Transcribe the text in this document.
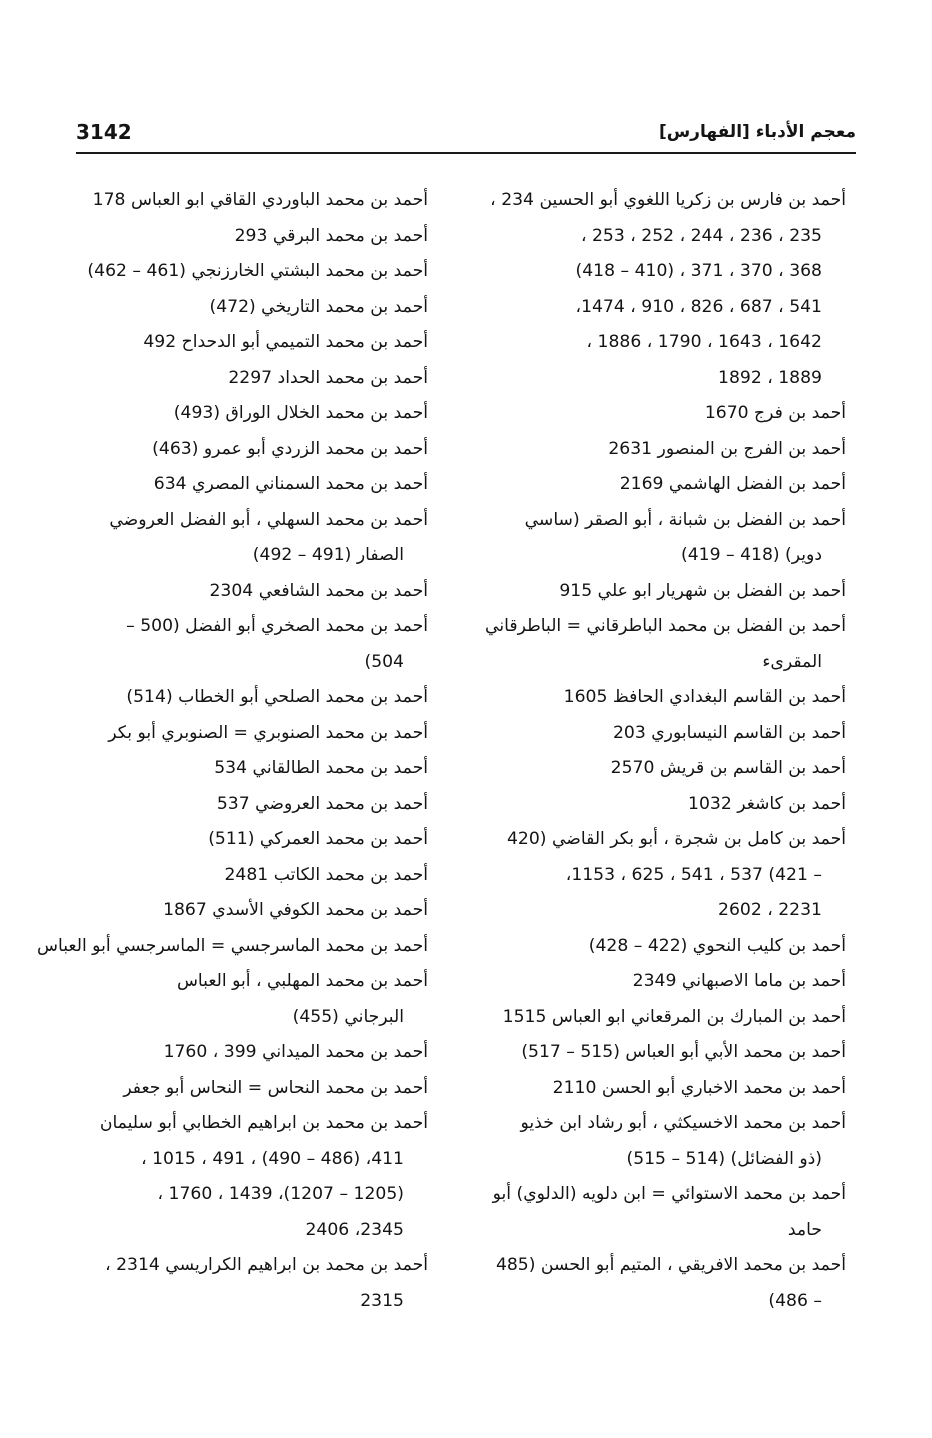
معجم الأدباء [الفهارس]
3142
أحمد بن فارس بن زكريا اللغوي أبو الحسين 234 ،
235 ، 236 ، 244 ، 252 ، 253 ،
368 ، 370 ، 371 ، (410 – 418)
541 ، 687 ، 826 ، 910 ، 1474،
1642 ، 1643 ، 1790 ، 1886 ،
1889 ، 1892
أحمد بن فرج 1670
أحمد بن الفرج بن المنصور 2631
أحمد بن الفضل الهاشمي 2169
أحمد بن الفضل بن شبانة ، أبو الصقر (ساسي
دوير) (418 – 419)
أحمد بن الفضل بن شهريار ابو علي 915
أحمد بن الفضل بن محمد الباطرقاني = الباطرقاني
المقرىء
أحمد بن القاسم البغدادي الحافظ 1605
أحمد بن القاسم النيسابوري 203
أحمد بن القاسم بن قريش 2570
أحمد بن كاشغر 1032
أحمد بن كامل بن شجرة ، أبو بكر القاضي (420
– 421) 537 ، 541 ، 625 ، 1153،
2231 ، 2602
أحمد بن كليب النحوي (422 – 428)
أحمد بن ماما الاصبهاني 2349
أحمد بن المبارك بن المرقعاني ابو العباس 1515
أحمد بن محمد الأبي أبو العباس (515 – 517)
أحمد بن محمد الاخباري أبو الحسن 2110
أحمد بن محمد الاخسيكثي ، أبو رشاد ابن خذيو
(ذو الفضائل) (514 – 515)
أحمد بن محمد الاستوائي = ابن دلويه (الدلوي) أبو
حامد
أحمد بن محمد الافريقي ، المتيم أبو الحسن (485
– 486)
أحمد بن محمد الباوردي القاقي ابو العباس 178
أحمد بن محمد البرقي 293
أحمد بن محمد البشتي الخارزنجي (461 – 462)
أحمد بن محمد التاريخي (472)
أحمد بن محمد التميمي أبو الدحداح 492
أحمد بن محمد الحداد 2297
أحمد بن محمد الخلال الوراق (493)
أحمد بن محمد الزردي أبو عمرو (463)
أحمد بن محمد السمناني المصري 634
أحمد بن محمد السهلي ، أبو الفضل العروضي
الصفار (491 – 492)
أحمد بن محمد الشافعي 2304
أحمد بن محمد الصخري أبو الفضل (500 –
504)
أحمد بن محمد الصلحي أبو الخطاب (514)
أحمد بن محمد الصنوبري = الصنوبري أبو بكر
أحمد بن محمد الطالقاني 534
أحمد بن محمد العروضي 537
أحمد بن محمد العمركي (511)
أحمد بن محمد الكاتب 2481
أحمد بن محمد الكوفي الأسدي 1867
أحمد بن محمد الماسرجسي = الماسرجسي أبو العباس
أحمد بن محمد المهلبي ، أبو العباس
البرجاني (455)
أحمد بن محمد الميداني 399 ، 1760
أحمد بن محمد النحاس = النحاس أبو جعفر
أحمد بن محمد بن ابراهيم الخطابي أبو سليمان
411، (486 – 490) ، 491 ، 1015 ،
(1205 – 1207)، 1439 ، 1760 ،
2345، 2406
أحمد بن محمد بن ابراهيم الكراريسي 2314 ،
2315
